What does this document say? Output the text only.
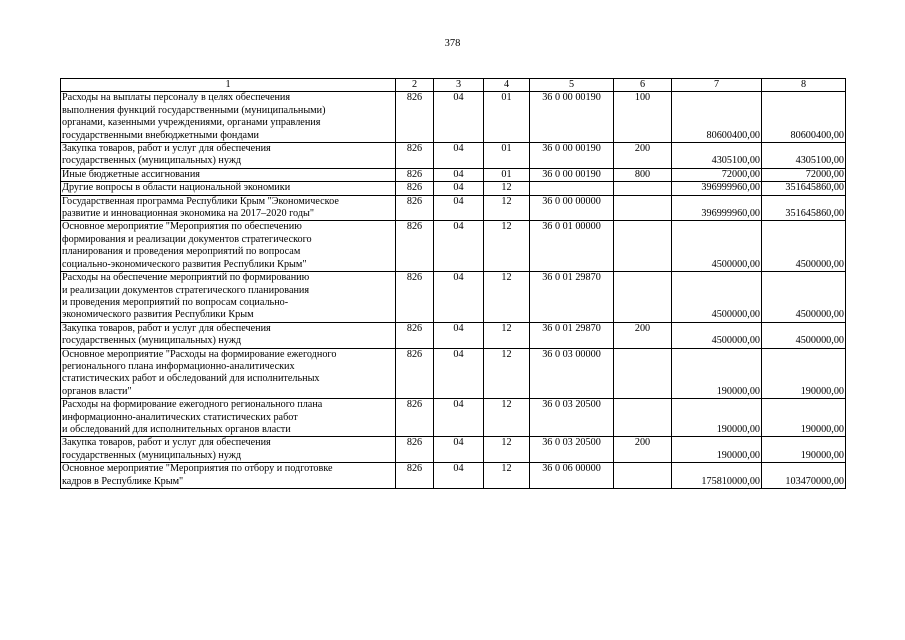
378
1	2	3	4	5	6	7	8

Расходы на выплаты персоналу в целях обеспечения
выполнения функций государственными (муниципальными)
органами, казенными учреждениями, органами управления
государственными внебюджетными фондами	826	04	01	36 0 00 00190	100	80600400,00	80600400,00

Закупка товаров, работ и услуг для обеспечения
государственных (муниципальных) нужд	826	04	01	36 0 00 00190	200	4305100,00	4305100,00

Иные бюджетные ассигнования	826	04	01	36 0 00 00190	800	72000,00	72000,00

Другие вопросы в области национальной экономики	826	04	12			396999960,00	351645860,00

Государственная программа Республики Крым "Экономическое
развитие и инновационная экономика на 2017–2020 годы"	826	04	12	36 0 00 00000		396999960,00	351645860,00

Основное мероприятие "Мероприятия по обеспечению
формирования и реализации документов стратегического
планирования и проведения мероприятий по вопросам
социально-экономического развития Республики Крым"	826	04	12	36 0 01 00000		4500000,00	4500000,00

Расходы на обеспечение мероприятий по формированию
и реализации документов стратегического планирования
и проведения мероприятий по вопросам социально-
экономического развития Республики Крым	826	04	12	36 0 01 29870		4500000,00	4500000,00

Закупка товаров, работ и услуг для обеспечения
государственных (муниципальных) нужд	826	04	12	36 0 01 29870	200	4500000,00	4500000,00

Основное мероприятие "Расходы на формирование ежегодного
регионального плана информационно-аналитических
статистических работ и обследований для исполнительных
органов власти"	826	04	12	36 0 03 00000		190000,00	190000,00

Расходы на формирование ежегодного регионального плана
информационно-аналитических статистических работ
и обследований для исполнительных органов власти	826	04	12	36 0 03 20500		190000,00	190000,00

Закупка товаров, работ и услуг для обеспечения
государственных (муниципальных) нужд	826	04	12	36 0 03 20500	200	190000,00	190000,00

Основное мероприятие "Мероприятия по отбору и подготовке
кадров в Республике Крым"	826	04	12	36 0 06 00000		175810000,00	103470000,00
